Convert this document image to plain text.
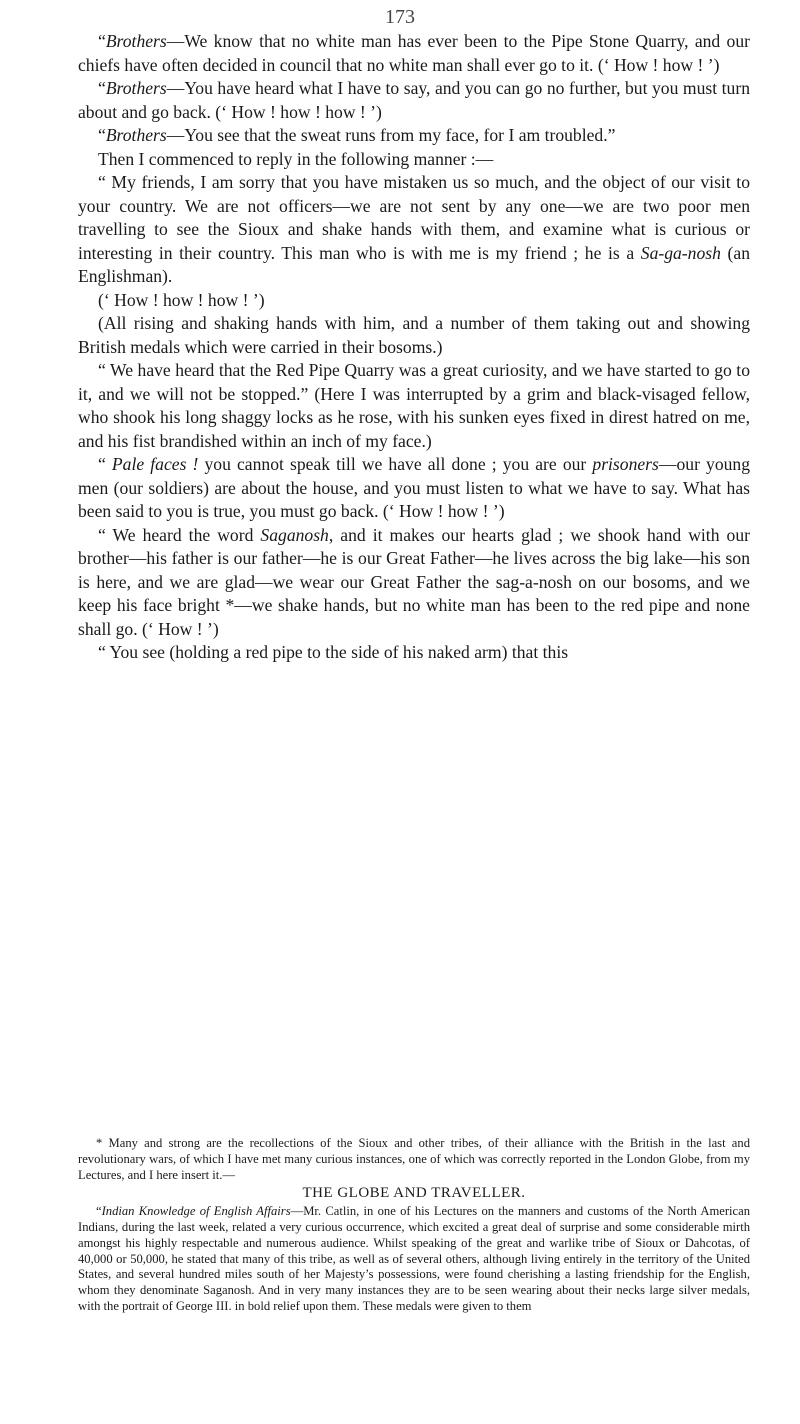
173

“Brothers—We know that no white man has ever been to the Pipe Stone Quarry, and our chiefs have often decided in council that no white man shall ever go to it. (‘ How ! how ! ’)

“Brothers—You have heard what I have to say, and you can go no further, but you must turn about and go back. (‘ How ! how ! how ! ’)

“Brothers—You see that the sweat runs from my face, for I am troubled.”

Then I commenced to reply in the following manner :—

“ My friends, I am sorry that you have mistaken us so much, and the object of our visit to your country. We are not officers—we are not sent by any one—we are two poor men travelling to see the Sioux and shake hands with them, and examine what is curious or interesting in their country. This man who is with me is my friend ; he is a Sa-ga-nosh (an Englishman).

(‘ How ! how ! how ! ’)

(All rising and shaking hands with him, and a number of them taking out and showing British medals which were carried in their bosoms.)

“ We have heard that the Red Pipe Quarry was a great curiosity, and we have started to go to it, and we will not be stopped.” (Here I was interrupted by a grim and black-visaged fellow, who shook his long shaggy locks as he rose, with his sunken eyes fixed in direst hatred on me, and his fist brandished within an inch of my face.)

“ Pale faces ! you cannot speak till we have all done ; you are our prisoners—our young men (our soldiers) are about the house, and you must listen to what we have to say. What has been said to you is true, you must go back. (‘ How ! how ! ’)

“ We heard the word Saganosh, and it makes our hearts glad ; we shook hand with our brother—his father is our father—he is our Great Father—he lives across the big lake—his son is here, and we are glad—we wear our Great Father the sag-a-nosh on our bosoms, and we keep his face bright *—we shake hands, but no white man has been to the red pipe and none shall go. (‘ How ! ’)

“ You see (holding a red pipe to the side of his naked arm) that this

* Many and strong are the recollections of the Sioux and other tribes, of their alliance with the British in the last and revolutionary wars, of which I have met many curious instances, one of which was correctly reported in the London Globe, from my Lectures, and I here insert it.—

THE GLOBE AND TRAVELLER.

“Indian Knowledge of English Affairs—Mr. Catlin, in one of his Lectures on the manners and customs of the North American Indians, during the last week, related a very curious occurrence, which excited a great deal of surprise and some considerable mirth amongst his highly respectable and numerous audience. Whilst speaking of the great and warlike tribe of Sioux or Dahcotas, of 40,000 or 50,000, he stated that many of this tribe, as well as of several others, although living entirely in the territory of the United States, and several hundred miles south of her Majesty’s possessions, were found cherishing a lasting friendship for the English, whom they denominate Saganosh. And in very many instances they are to be seen wearing about their necks large silver medals, with the portrait of George III. in bold relief upon them. These medals were given to them
